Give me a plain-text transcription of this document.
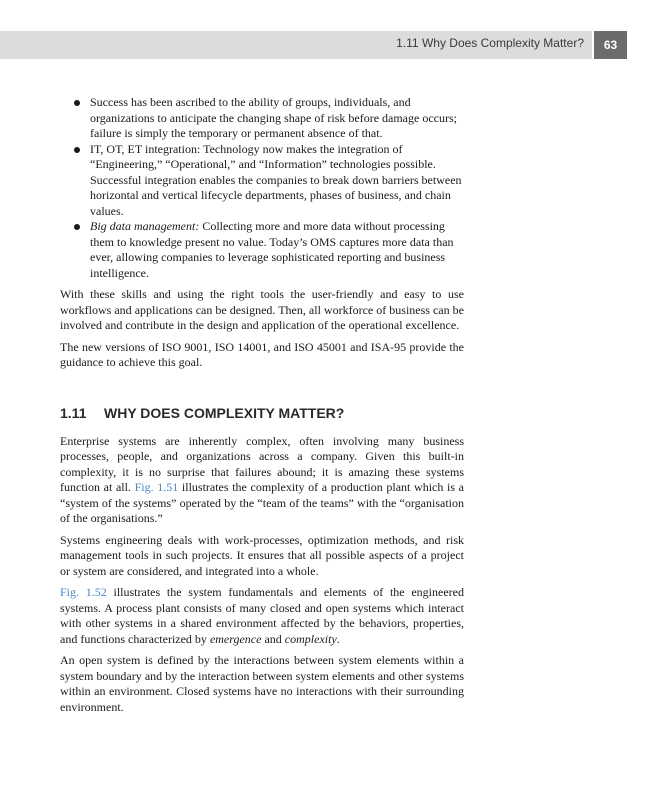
1.11 Why Does Complexity Matter?	63
Success has been ascribed to the ability of groups, individuals, and organizations to anticipate the changing shape of risk before damage occurs; failure is simply the temporary or permanent absence of that.
IT, OT, ET integration: Technology now makes the integration of “Engineering,” “Operational,” and “Information” technologies possible. Successful integration enables the companies to break down barriers between horizontal and vertical lifecycle departments, phases of business, and chain values.
Big data management: Collecting more and more data without processing them to knowledge present no value. Today’s OMS captures more data than ever, allowing companies to leverage sophisticated reporting and business intelligence.

With these skills and using the right tools the user-friendly and easy to use workflows and applications can be designed. Then, all workforce of business can be involved and contribute in the design and application of the operational excellence.

The new versions of ISO 9001, ISO 14001, and ISO 45001 and ISA-95 provide the guidance to achieve this goal.

1.11 WHY DOES COMPLEXITY MATTER?

Enterprise systems are inherently complex, often involving many business processes, people, and organizations across a company. Given this built-in complexity, it is no surprise that failures abound; it is amazing these systems function at all. Fig. 1.51 illustrates the complexity of a production plant which is a “system of the systems” operated by the “team of the teams” with the “organisation of the organisations.”

Systems engineering deals with work-processes, optimization methods, and risk management tools in such projects. It ensures that all possible aspects of a project or system are considered, and integrated into a whole.

Fig. 1.52 illustrates the system fundamentals and elements of the engineered systems. A process plant consists of many closed and open systems which interact with other systems in a shared environment affected by the behaviors, properties, and functions characterized by emergence and complexity.

An open system is defined by the interactions between system elements within a system boundary and by the interaction between system elements and other systems within an environment. Closed systems have no interactions with their surrounding environment.
